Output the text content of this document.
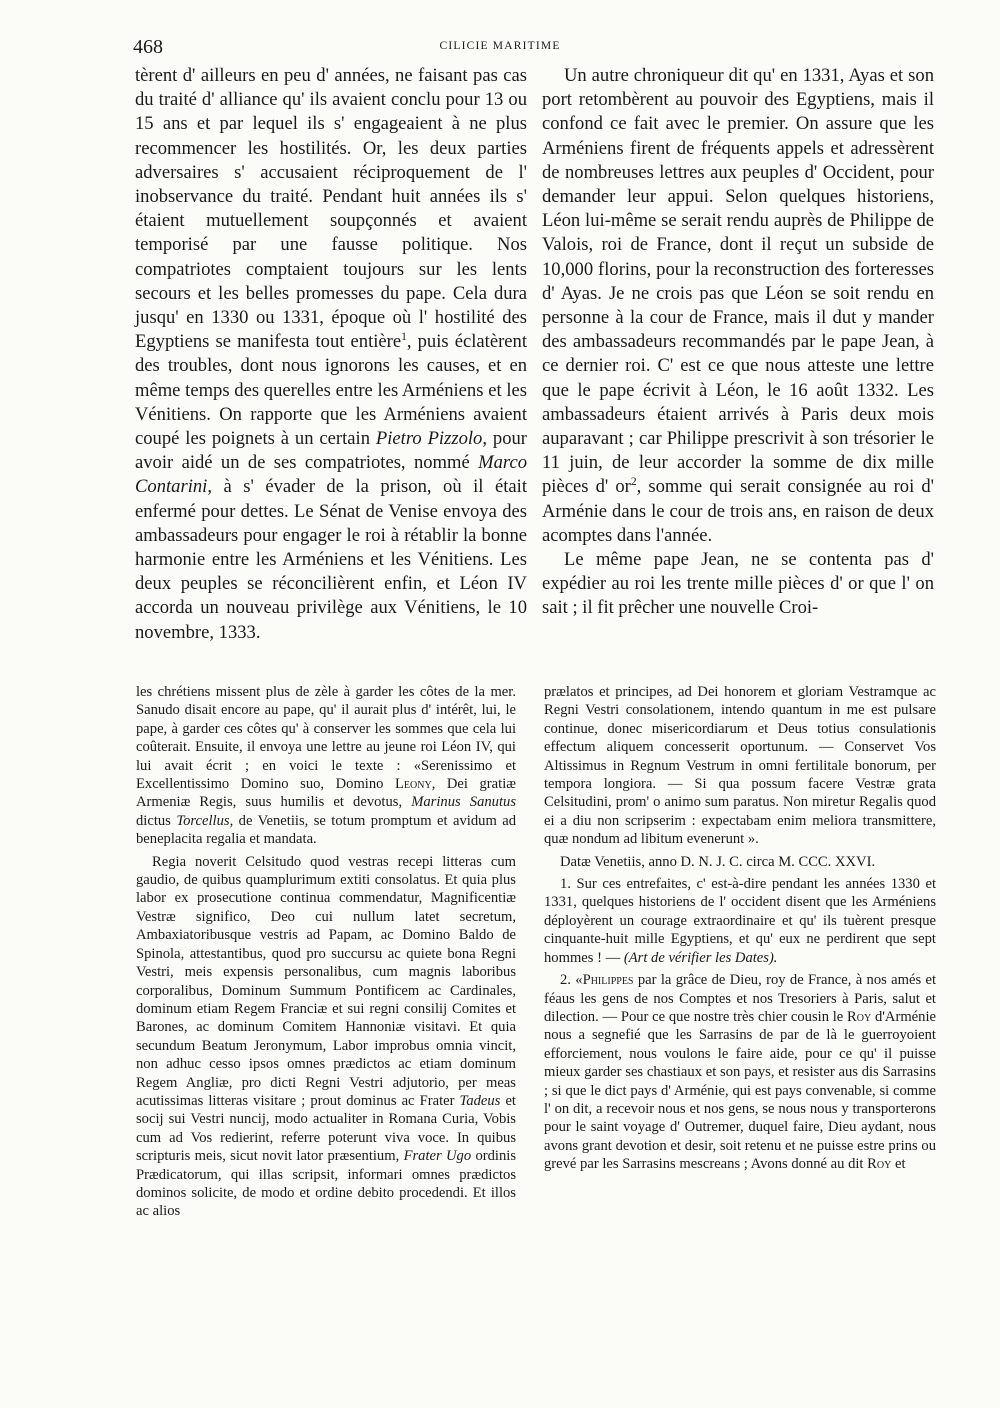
468	CILICIE MARITIME

tèrent d' ailleurs en peu d' années, ne faisant pas cas du traité d' alliance qu' ils avaient conclu pour 13 ou 15 ans et par lequel ils s' engageaient à ne plus recommencer les hostilités. Or, les deux parties adversaires s' accusaient réciproquement de l' inobservance du traité. Pendant huit années ils s' étaient mutuellement soupçonnés et avaient temporisé par une fausse politique. Nos compatriotes comptaient toujours sur les lents secours et les belles promesses du pape. Cela dura jusqu' en 1330 ou 1331, époque où l' hostilité des Egyptiens se manifesta tout entière$^1$, puis éclatèrent des troubles, dont nous ignorons les causes, et en même temps des querelles entre les Arméniens et les Vénitiens. On rapporte que les Arméniens avaient coupé les poignets à un certain Pietro Pizzolo, pour avoir aidé un de ses compatriotes, nommé Marco Contarini, à s' évader de la prison, où il était enfermé pour dettes. Le Sénat de Venise envoya des ambassadeurs pour engager le roi à rétablir la bonne harmonie entre les Arméniens et les Vénitiens. Les deux peuples se réconcilièrent enfin, et Léon IV accorda un nouveau privilège aux Vénitiens, le 10 novembre, 1333.

Un autre chroniqueur dit qu' en 1331, Ayas et son port retombèrent au pouvoir des Egyptiens, mais il confond ce fait avec le premier. On assure que les Arméniens firent de fréquents appels et adressèrent de nombreuses lettres aux peuples d' Occident, pour demander leur appui. Selon quelques historiens, Léon lui-même se serait rendu auprès de Philippe de Valois, roi de France, dont il reçut un subside de 10,000 florins, pour la reconstruction des forteresses d' Ayas. Je ne crois pas que Léon se soit rendu en personne à la cour de France, mais il dut y mander des ambassadeurs recommandés par le pape Jean, à ce dernier roi. C' est ce que nous atteste une lettre que le pape écrivit à Léon, le 16 août 1332. Les ambassadeurs étaient arrivés à Paris deux mois auparavant ; car Philippe prescrivit à son trésorier le 11 juin, de leur accorder la somme de dix mille pièces d' $or^2$, somme qui serait consignée au roi d' Arménie dans le cour de trois ans, en raison de deux acomptes dans l'année.

Le même pape Jean, ne se contenta pas d' expédier au roi les trente mille pièces d' or que l' on sait ; il fit prêcher une nouvelle Croi-

les chrétiens missent plus de zèle à garder les côtes de la mer. Sanudo disait encore au pape, qu' il aurait plus d' intérêt, lui, le pape, à garder ces côtes qu' à conserver les sommes que cela lui coûterait. Ensuite, il envoya une lettre au jeune roi Léon IV, qui lui avait écrit ; en voici le texte : «Serenissimo et Excellentissimo Domino suo, Domino Leony, Dei gratiæ Armeniæ Regis, suus humilis et devotus, Marinus Sanutus dictus Torcellus, de Venetiis, se totum promptum et avidum ad beneplacita regalia et mandata.

Regia noverit Celsitudo quod vestras recepi litteras cum gaudio, de quibus quamplurimum extiti consolatus. Et quia plus labor ex prosecutione continua commendatur, Magnificentiæ Vestræ significo, Deo cui nullum latet secretum, Ambaxiatoribusque vestris ad Papam, ac Domino Baldo de Spinola, attestantibus, quod pro succursu ac quiete bona Regni Vestri, meis expensis personalibus, cum magnis laboribus corporalibus, Dominum Summum Pontificem ac Cardinales, dominum etiam Regem Franciæ et sui regni consilij Comites et Barones, ac dominum Comitem Hannoniæ visitavi. Et quia secundum Beatum Jeronymum, Labor improbus omnia vincit, non adhuc cesso ipsos omnes prædictos ac etiam dominum Regem Angliæ, pro dicti Regni Vestri adjutorio, per meas acutissimas litteras visitare ; prout dominus ac Frater Tadeus et socij sui Vestri nuncij, modo actualiter in Romana Curia, Vobis cum ad Vos redierint, referre poterunt viva voce. In quibus scripturis meis, sicut novit lator præsentium, Frater Ugo ordinis Prædicatorum, qui illas scripsit, informari omnes prædictos dominos solicite, de modo et ordine debito procedendi. Et illos ac alios

prælatos et principes, ad Dei honorem et gloriam Vestramque ac Regni Vestri consolationem, intendo quantum in me est pulsare continue, donec misericordiarum et Deus totius consulationis effectum aliquem concesserit oportunum. — Conservet Vos Altissimus in Regnum Vestrum in omni fertilitale bonorum, per tempora longiora. — Si qua possum facere Vestræ grata Celsitudini, prom' o animo sum paratus. Non miretur Regalis quod ei a diu non scripserim : expectabam enim meliora transmittere, quæ nondum ad libitum evenerunt ».

Datæ Venetiis, anno D. N. J. C. circa M. CCC. XXVI.

1. Sur ces entrefaites, c' est-à-dire pendant les années 1330 et 1331, quelques historiens de l' occident disent que les Arméniens déployèrent un courage extraordinaire et qu' ils tuèrent presque cinquante-huit mille Egyptiens, et qu' eux ne perdirent que sept hommes ! — (Art de vérifier les Dates).

2. «Philippes par la grâce de Dieu, roy de France, à nos amés et féaus les gens de nos Comptes et nos Tresoriers à Paris, salut et dilection. — Pour ce que nostre très chier cousin le Roy d'Arménie nous a segnefié que les Sarrasins de par de là le guerroyoient efforciement, nous voulons le faire aide, pour ce qu' il puisse mieux garder ses chastiaux et son pays, et resister aus dis Sarrasins ; si que le dict pays d' Arménie, qui est pays convenable, si comme l' on dit, a recevoir nous et nos gens, se nous nous y transporterons pour le saint voyage d' Outremer, duquel faire, Dieu aydant, nous avons grant devotion et desir, soit retenu et ne puisse estre prins ou grevé par les Sarrasins mescreans ; Avons donné au dit Roy et
